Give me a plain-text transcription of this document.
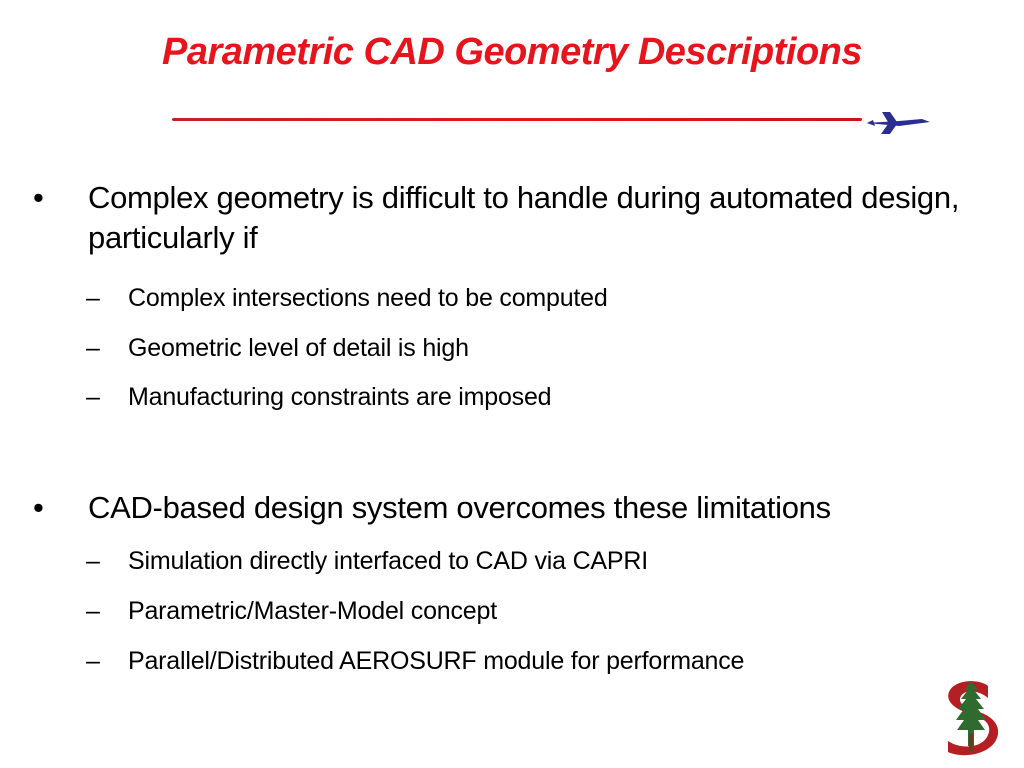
Parametric CAD Geometry Descriptions
• Complex geometry is difficult to handle during automated design, particularly if
– Complex intersections need to be computed
– Geometric level of detail is high
– Manufacturing constraints are imposed
• CAD-based design system overcomes these limitations
– Simulation directly interfaced to CAD via CAPRI
– Parametric/Master-Model concept
– Parallel/Distributed AEROSURF module for performance
